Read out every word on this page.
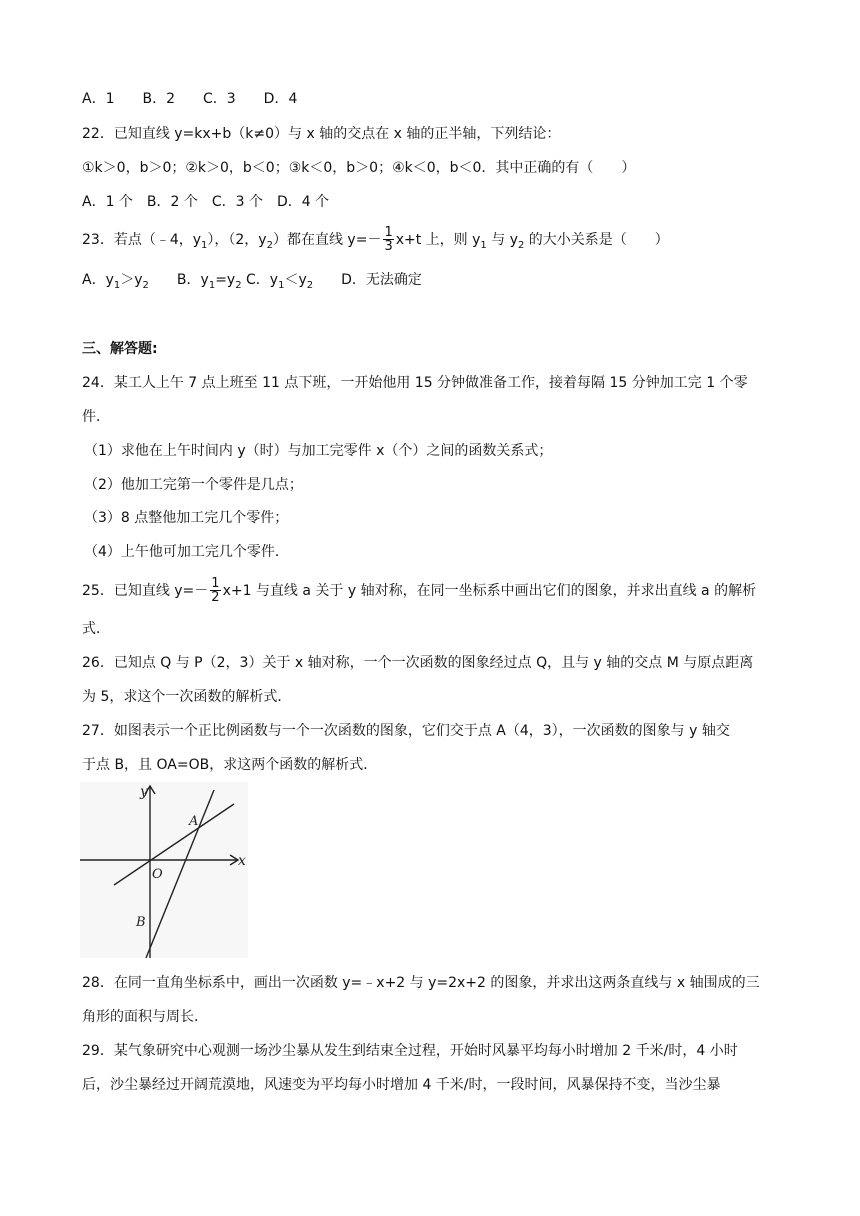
A．1　　B．2　　C．3　　D．4
22．已知直线 y=kx+b（k≠0）与 x 轴的交点在 x 轴的正半轴，下列结论：
①k＞0，b＞0；②k＞0，b＜0；③k＜0，b＞0；④k＜0，b＜0．其中正确的有（　　）
A．1 个　B．2 个　C．3 个　D．4 个
23．若点（﹣4，$y_1$），（2，$y_2$）都在直线 $y=- \frac{1}{3} x+t$ 上，则 $y_1$ 与 $y_2$ 的大小关系是（　　）
A．$y_1>y_2$　　B．$y_1=y_2$ C．$y_1<y_2$　　D．无法确定
三、解答题:
24．某工人上午 7 点上班至 11 点下班，一开始他用 15 分钟做准备工作，接着每隔 15 分钟加工完 1 个零
件．
（1）求他在上午时间内 y（时）与加工完零件 x（个）之间的函数关系式；
（2）他加工完第一个零件是几点；
（3）8 点整他加工完几个零件；
（4）上午他可加工完几个零件．
25．已知直线 $y=- \frac{1}{2} x+1$ 与直线 a 关于 y 轴对称，在同一坐标系中画出它们的图象，并求出直线 a 的解析
式．
26．已知点 Q 与 P（2，3）关于 x 轴对称，一个一次函数的图象经过点 Q，且与 y 轴的交点 M 与原点距离
为 5，求这个一次函数的解析式．
27．如图表示一个正比例函数与一个一次函数的图象，它们交于点 A（4，3），一次函数的图象与 y 轴交
于点 B，且 OA=OB，求这两个函数的解析式．
y
x
A
O
B
28．在同一直角坐标系中，画出一次函数 y=﹣x+2 与 y=2x+2 的图象，并求出这两条直线与 x 轴围成的三
角形的面积与周长．
29．某气象研究中心观测一场沙尘暴从发生到结束全过程，开始时风暴平均每小时增加 2 千米/时，4 小时
后，沙尘暴经过开阔荒漠地，风速变为平均每小时增加 4 千米/时，一段时间，风暴保持不变，当沙尘暴
